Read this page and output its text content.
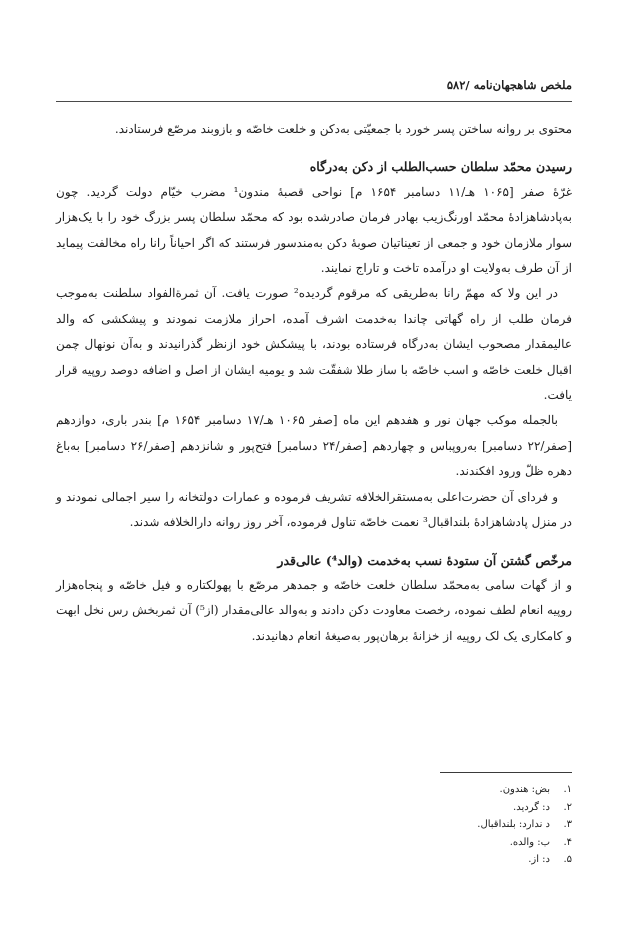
ملخص شاهجهان‌نامه /۵۸۲

محتوی بر روانه ساختن پسر خورد با جمعیّتی به‌دکن و خلعت خاصّه و بازوبند مرصّع فرستادند.

رسیدن محمّد سلطان حسب‌الطلب از دکن به‌درگاه

غرّهٔ صفر [۱۰۶۵ هـ/۱۱ دسامبر ۱۶۵۴ م] نواحی قصبهٔ مندون¹ مضرب خیّام دولت گردید. چون به‌پادشاهزادهٔ محمّد اورنگ‌زیب بهادر فرمان صادرشده بود که محمّد سلطان پسر بزرگ خود را با یک‌هزار سوار ملازمان خود و جمعی از تعیناتیان صوبهٔ دکن به‌مندسور فرستند که اگر احیاناً رانا راه مخالفت پیماید از آن طرف به‌ولایت او درآمده تاخت و تاراج نمایند.

در این ولا که مهمّ رانا به‌طریقی که مرقوم گردیده² صورت یافت. آن ثمرةالفواد سلطنت به‌موجب فرمان طلب از راه گهاتی چاندا به‌خدمت اشرف آمده، احراز ملازمت نمودند و پیشکشی که والد عالیمقدار مصحوب ایشان به‌درگاه فرستاده بودند، با پیشکش خود ازنظر گذرانیدند و به‌آن نونهال چمن اقبال خلعت خاصّه و اسب خاصّه با ساز طلا شفقّت شد و یومیه ایشان از اصل و اضافه دوصد روپیه قرار یافت.

بالجمله موکب جهان نور و هفدهم این ماه [صفر ۱۰۶۵ هـ/۱۷ دسامبر ۱۶۵۴ م] بندر باری، دوازدهم [صفر/۲۲ دسامبر] به‌روپباس و چهاردهم [صفر/۲۴ دسامبر] فتح‌پور و شانزدهم [صفر/۲۶ دسامبر] به‌باغ دهره ظلّ ورود افکندند.

و فردای آن حضرت‌اعلی به‌مستقرالخلافه تشریف فرموده و عمارات دولتخانه را سیر اجمالی نمودند و در منزل پادشاهزادهٔ بلنداقبال³ نعمت خاصّه تناول فرموده، آخر روز روانه دارالخلافه شدند.

مرخّص گشتن آن ستودهٔ نسب به‌خدمت (والد⁴) عالی‌قدر

و از گهات سامی به‌محمّد سلطان خلعت خاصّه و جمدهر مرصّع با پهولکتاره و فیل خاصّه و پنجاه‌هزار روپیه انعام لطف نموده، رخصت معاودت دکن دادند و به‌والد عالی‌مقدار (از⁵) آن ثمربخش رس نخل ابهت و کامکاری یک لک روپیه از خزانهٔ برهان‌پور به‌صیغهٔ انعام دهانیدند.

۱.
بض: هندون.
۲.
د: گردید.
۳.
د ندارد: بلنداقبال.
۴.
ب: والده.
۵.
د: از.
